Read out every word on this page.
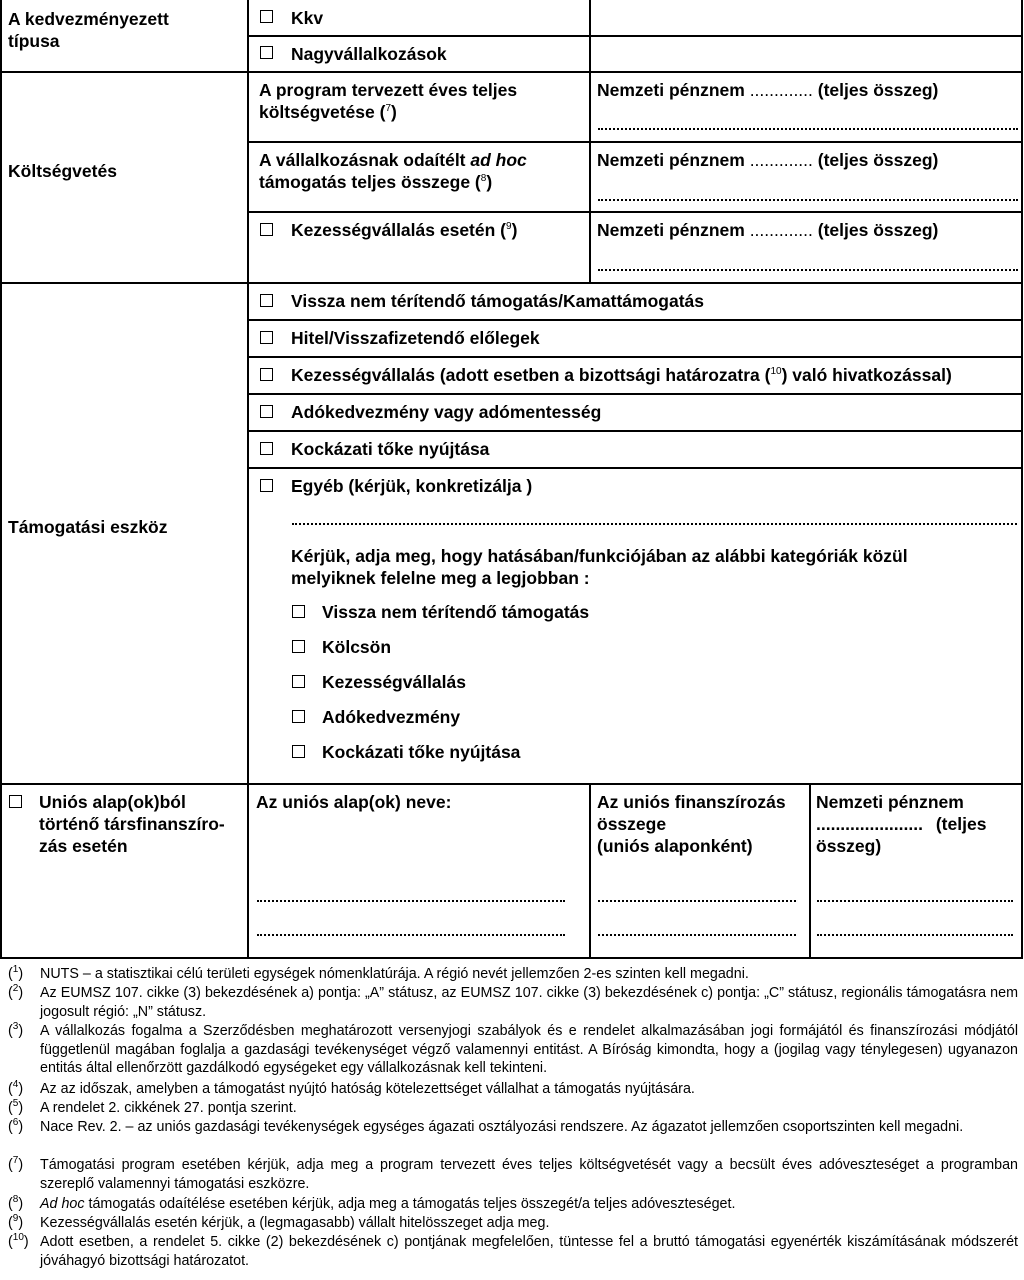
A kedvezményezett típusa
Kkv
Nagyvállalkozások
Költségvetés
A program tervezett éves teljes
költségvetése ($^7$)
A vállalkozásnak odaítélt ad hoc
támogatás teljes összege ($^8$)
Kezességvállalás esetén ($^9$)
Nemzeti pénznem ............. (teljes összeg)
Nemzeti pénznem ............. (teljes összeg)
Nemzeti pénznem ............. (teljes összeg)
Támogatási eszköz
Vissza nem térítendő támogatás/Kamattámogatás
Hitel/Visszafizetendő előlegek
Kezességvállalás (adott esetben a bizottsági határozatra ($^{10}$) való hivatkozással)
Adókedvezmény vagy adómentesség
Kockázati tőke nyújtása
Egyéb (kérjük, konkretizálja )
Kérjük, adja meg, hogy hatásában/funkciójában az alábbi kategóriák közül melyiknek felelne meg a legjobban :
Vissza nem térítendő támogatás
Kölcsön
Kezességvállalás
Adókedvezmény
Kockázati tőke nyújtása
Uniós alap(ok)ból
történő társfinanszíro-
zás esetén
Az uniós alap(ok) neve:	Az uniós finanszírozás
összege
(uniós alaponként)
Nemzeti pénznem
...................... (teljes
összeg)
($^1$) NUTS – a statisztikai célú területi egységek nómenklatúrája. A régió nevét jellemzően 2-es szinten kell megadni.
($^2$) Az EUMSZ 107. cikke (3) bekezdésének a) pontja: „A” státusz, az EUMSZ 107. cikke (3) bekezdésének c) pontja: „C” státusz, regionális támogatásra nem jogosult régió: „N” státusz.
($^3$) A vállalkozás fogalma a Szerződésben meghatározott versenyjogi szabályok és e rendelet alkalmazásában jogi formájától és finanszírozási módjától függetlenül magában foglalja a gazdasági tevékenységet végző valamennyi entitást. A Bíróság kimondta, hogy a (jogilag vagy ténylegesen) ugyanazon entitás által ellenőrzött gazdálkodó egységeket egy vállalkozásnak kell tekinteni.
($^4$) Az az időszak, amelyben a támogatást nyújtó hatóság kötelezettséget vállalhat a támogatás nyújtására.
($^5$) A rendelet 2. cikkének 27. pontja szerint.
($^6$) Nace Rev. 2. – az uniós gazdasági tevékenységek egységes ágazati osztályozási rendszere. Az ágazatot jellemzően csoportszinten kell megadni.
($^7$) Támogatási program esetében kérjük, adja meg a program tervezett éves teljes költségvetését vagy a becsült éves adóveszteséget a programban szereplő valamennyi támogatási eszközre.
($^8$) Ad hoc támogatás odaítélése esetében kérjük, adja meg a támogatás teljes összegét/a teljes adóveszteséget.
($^9$) Kezességvállalás esetén kérjük, a (legmagasabb) vállalt hitelösszeget adja meg.
($^{10}$) Adott esetben, a rendelet 5. cikke (2) bekezdésének c) pontjának megfelelően, tüntesse fel a bruttó támogatási egyenérték kiszámításának módszerét jóváhagyó bizottsági határozatot.
